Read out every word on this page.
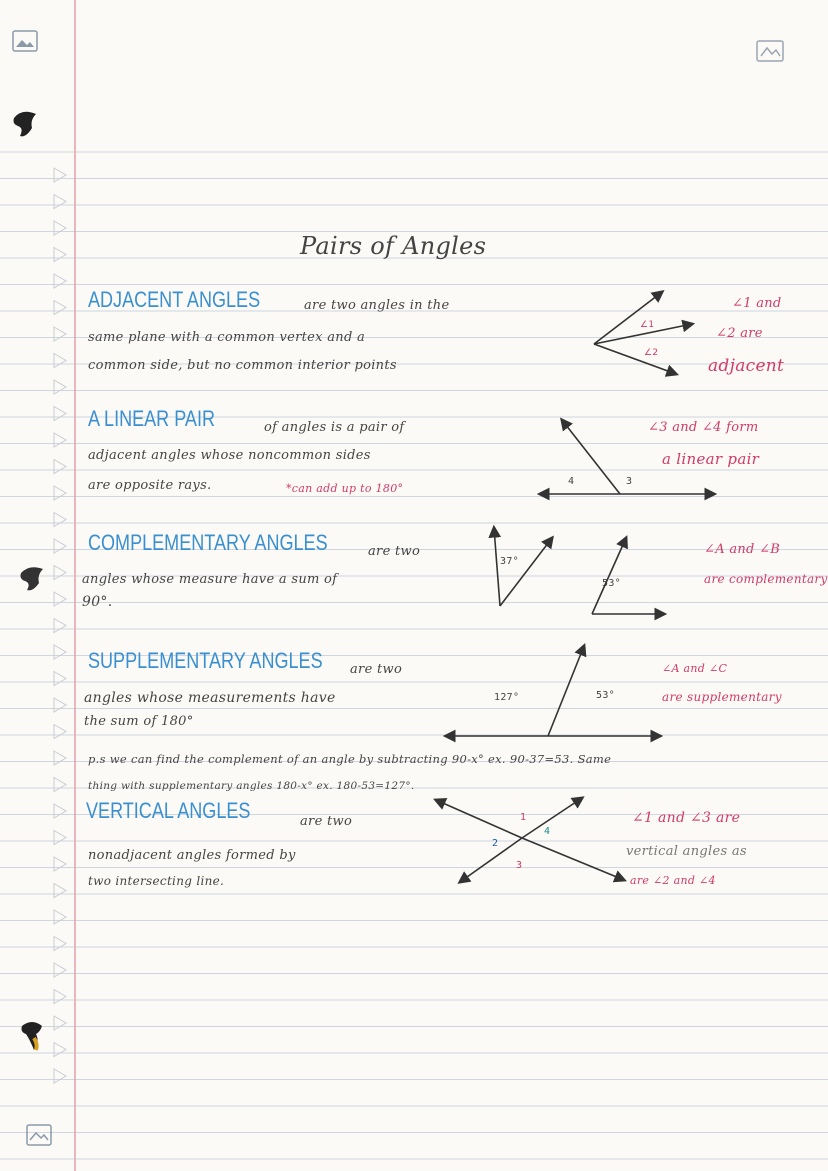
Pairs of Angles
ADJACENT ANGLES	are two angles in the
same plane with a common vertex and a
common side, but no common interior points
∠1 and
∠2 are
adjacent
∠1
∠2
A LINEAR PAIR	of angles is a pair of
adjacent angles whose noncommon sides
are opposite rays.	*can add up to 180°
∠3 and ∠4 form
a linear pair
4	3
COMPLEMENTARY ANGLES	are two
angles whose measure have a sum of
90°.
∠A and ∠B
are complementary
37°
53°
SUPPLEMENTARY ANGLES are two
angles whose measurements have
the sum of 180°
∠A and ∠C
are supplementary
127°	53°
p.s we can find the complement of an angle by subtracting 90-x° ex. 90-37=53. Same
thing with supplementary angles 180-x° ex. 180-53=127°.
VERTICAL ANGLES	are two
nonadjacent angles formed by
two intersecting line.
∠1 and ∠3 are
vertical angles as
are ∠2 and ∠4
1
2
3
4
